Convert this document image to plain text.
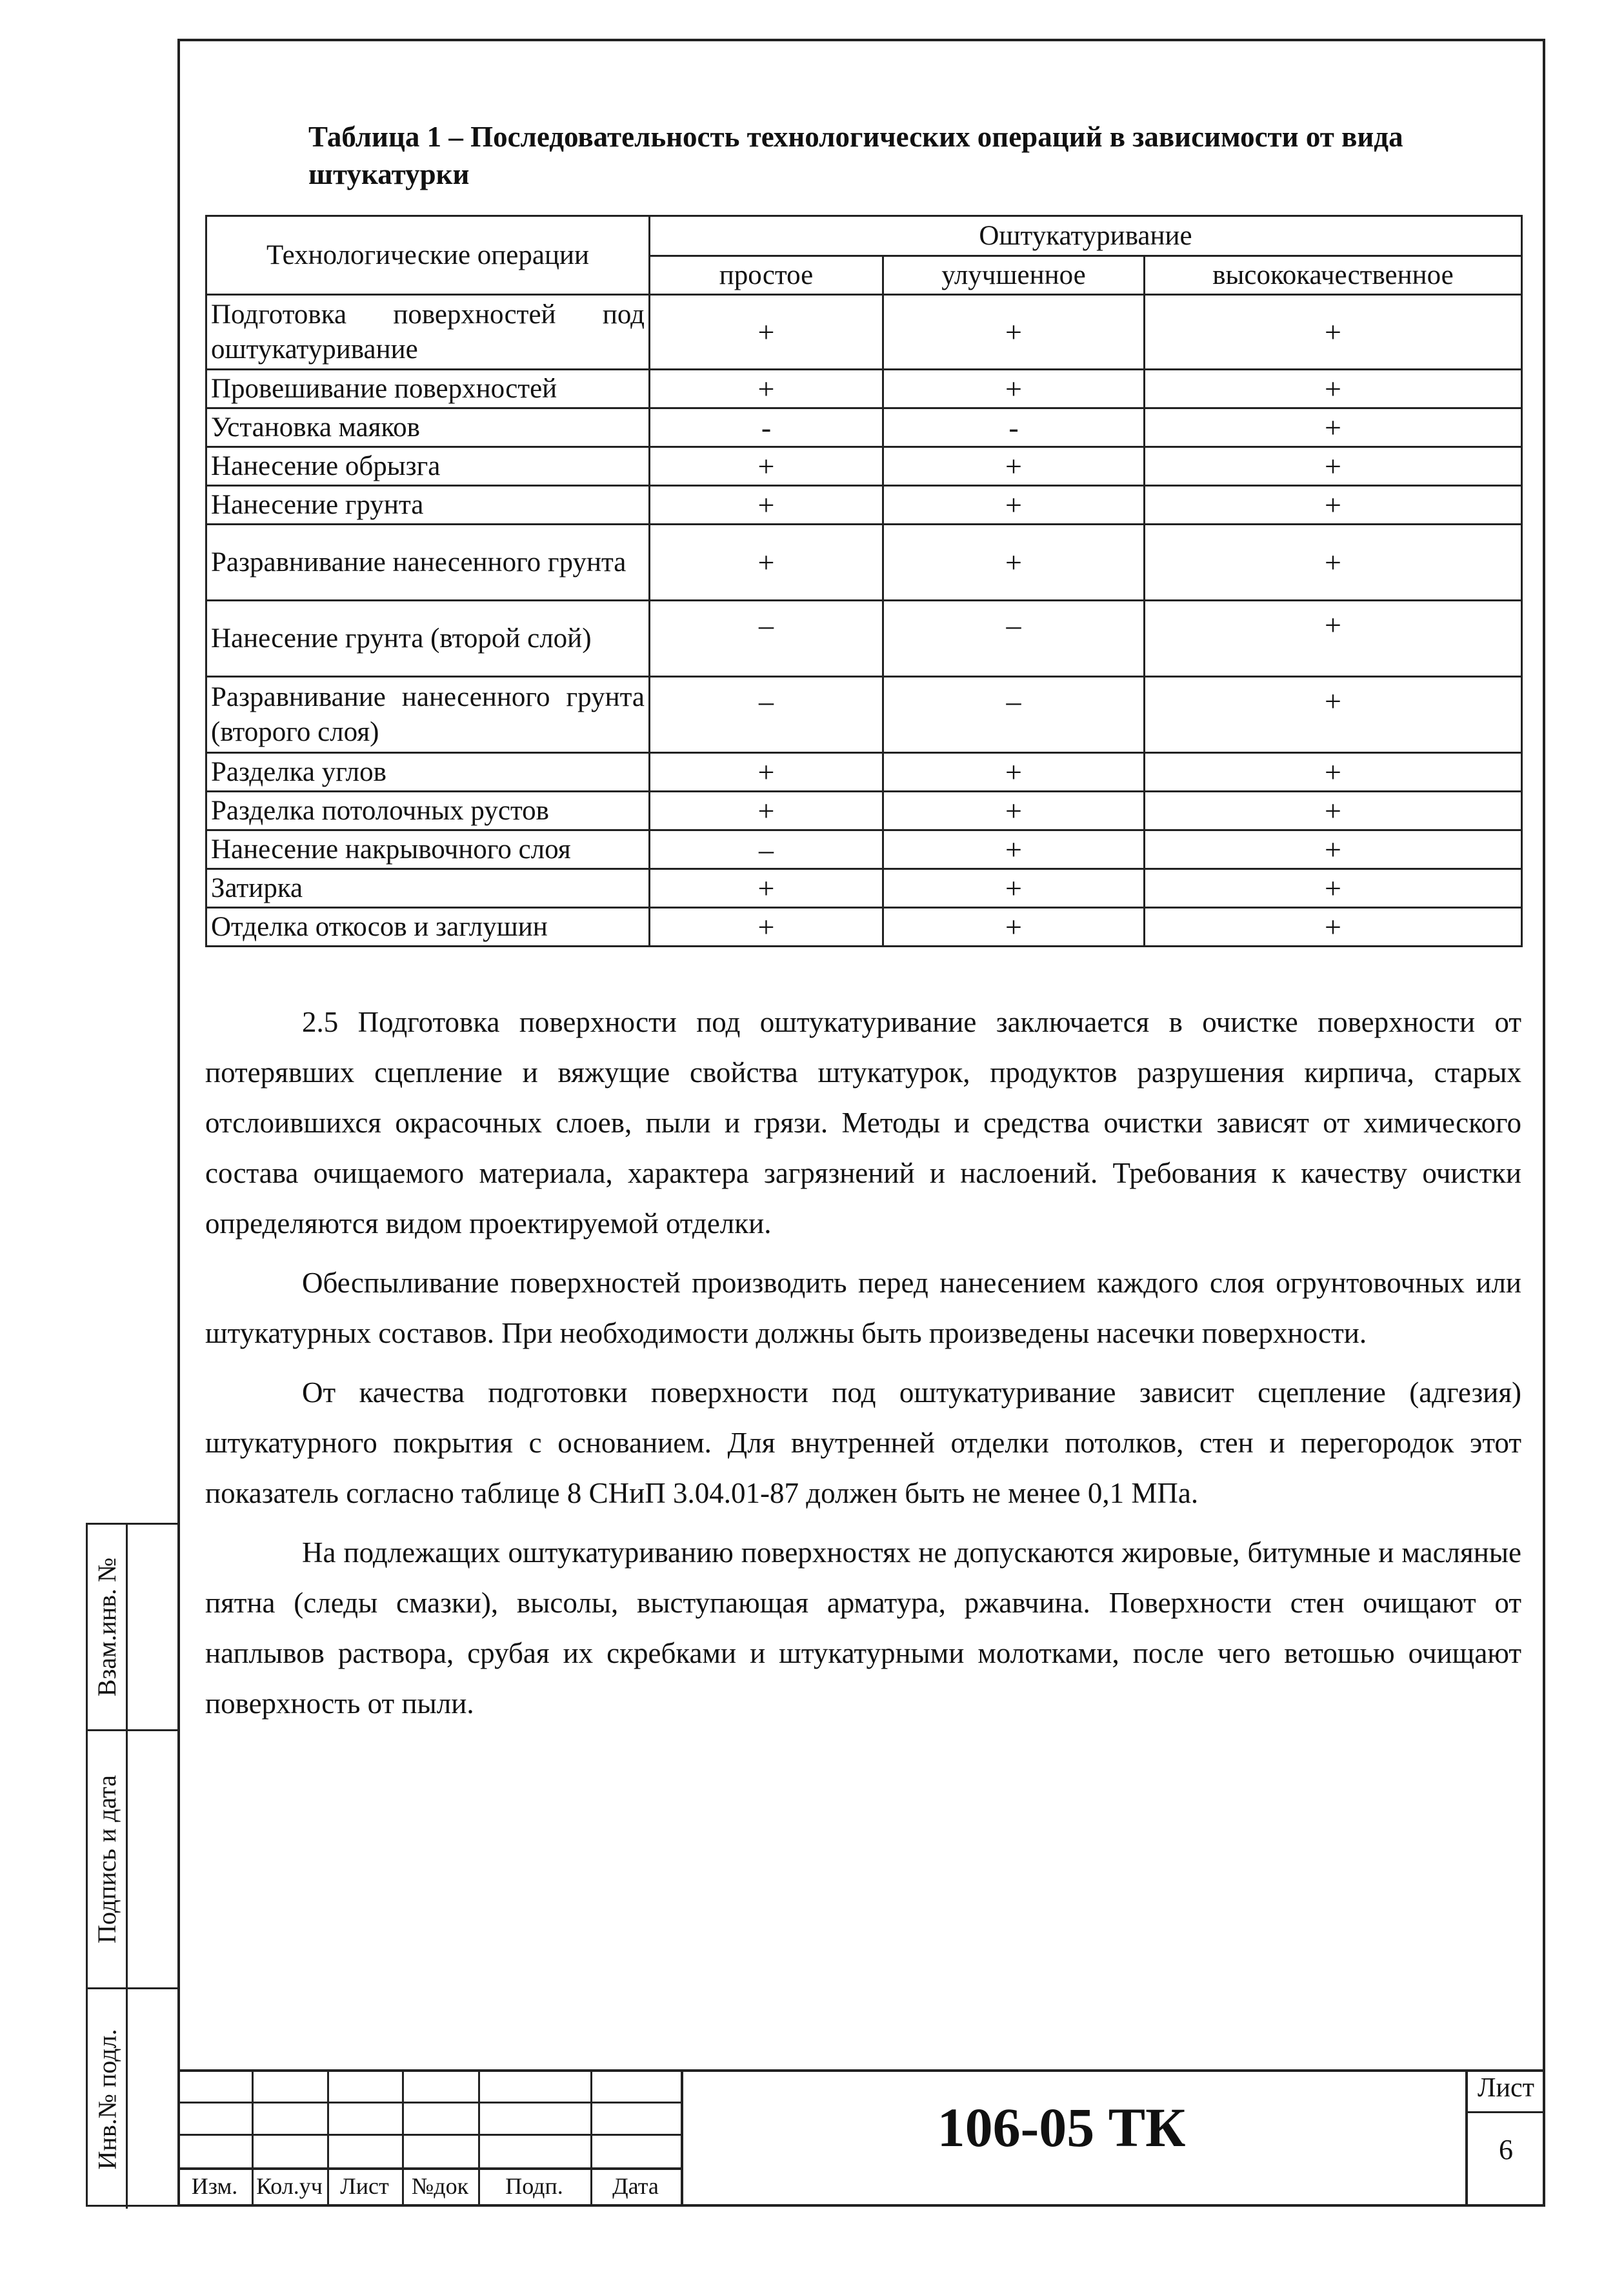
Взам.инв. №
Подпись и дата
Инв.№ подл.
Таблица 1 – Последовательность технологических операций в зависимости от вида штукатурки
Технологические операции	Оштукатуривание		
	простое	улучшенное	высококачественное
Подготовка поверхностей под оштукатуривание	+	+	+
Провешивание поверхностей	+	+	+
Установка маяков	-	-	+
Нанесение обрызга	+	+	+
Нанесение грунта	+	+	+
Разравнивание нанесенного грунта	+	+	+
Нанесение грунта (второй слой)	–	–	+
Разравнивание нанесенного грунта (второго слоя)	–	–	+
Разделка углов	+	+	+
Разделка потолочных рустов	+	+	+
Нанесение накрывочного слоя	–	+	+
Затирка	+	+	+
Отделка откосов и заглушин	+	+	+

2.5 Подготовка поверхности под оштукатуривание заключается в очистке поверхности от потерявших сцепление и вяжущие свойства штукатурок, продуктов разрушения кирпича, старых отслоившихся окрасочных слоев, пыли и грязи. Методы и средства очистки зависят от химического состава очищаемого материала, характера загрязнений и наслоений. Требования к качеству очистки определяются видом проектируемой отделки.

Обеспыливание поверхностей производить перед нанесением каждого слоя огрунтовочных или штукатурных составов. При необходимости должны быть произведены насечки поверхности.

От качества подготовки поверхности под оштукатуривание зависит сцепление (адгезия) штукатурного покрытия с основанием. Для внутренней отделки потолков, стен и перегородок этот показатель согласно таблице 8 СНиП 3.04.01-87 должен быть не менее 0,1 МПа.

На подлежащих оштукатуриванию поверхностях не допускаются жировые, битумные и масляные пятна (следы смазки), высолы, выступающая арматура, ржавчина. Поверхности стен очищают от наплывов раствора, срубая их скребками и штукатурными молотками, после чего ветошью очищают поверхность от пыли.

Изм. Кол.уч Лист №док	Подп.	Дата
106-05 ТК
Лист
6
